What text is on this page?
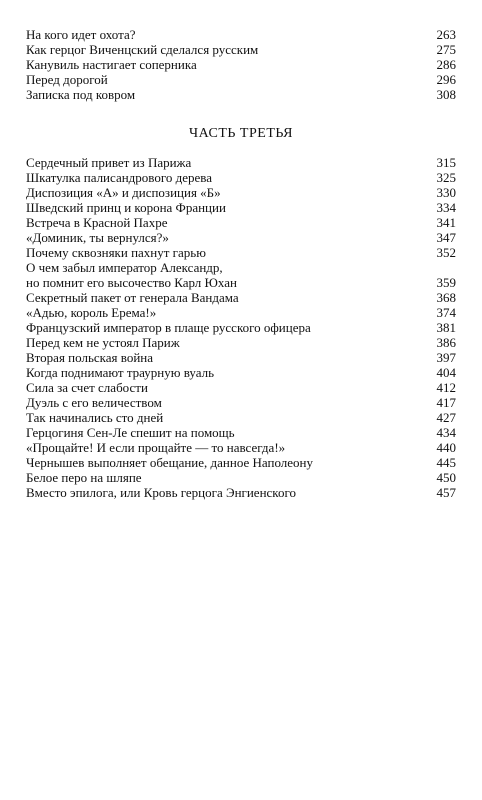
На кого идет охота?	263
Как герцог Виченцский сделался русским	275
Канувиль настигает соперника	286
Перед дорогой	296
Записка под ковром	308
ЧАСТЬ ТРЕТЬЯ
Сердечный привет из Парижа	315
Шкатулка палисандрового дерева	325
Диспозиция «А» и диспозиция «Б»	330
Шведский принц и корона Франции	334
Встреча в Красной Пахре	341
«Доминик, ты вернулся?»	347
Почему сквозняки пахнут гарью	352
О чем забыл император Александр,
но помнит его высочество Карл Юхан	359
Секретный пакет от генерала Вандама	368
«Адью, король Ерема!»	374
Французский император в плаще русского офицера	381
Перед кем не устоял Париж	386
Вторая польская война	397
Когда поднимают траурную вуаль	404
Сила за счет слабости	412
Дуэль с его величеством	417
Так начинались сто дней	427
Герцогиня Сен-Ле спешит на помощь	434
«Прощайте! И если прощайте — то навсегда!»	440
Чернышев выполняет обещание, данное Наполеону	445
Белое перо на шляпе	450
Вместо эпилога, или Кровь герцога Энгиенского	457
